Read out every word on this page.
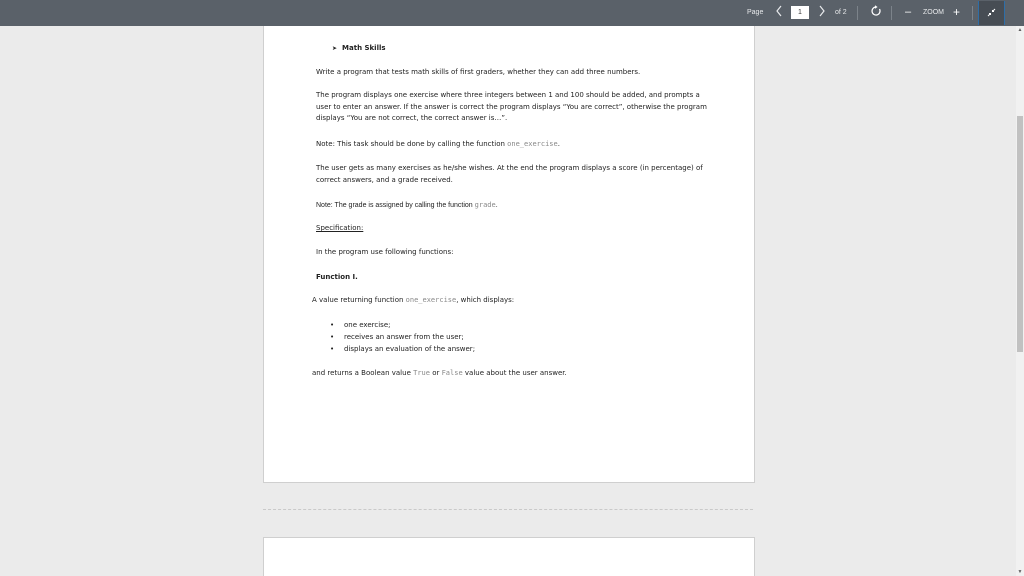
Page
1	of 2	– ZOOM +
➤ Math Skills

Write a program that tests math skills of first graders, whether they can add three numbers.

The program displays one exercise where three integers between 1 and 100 should be added, and prompts a user to enter an answer. If the answer is correct the program displays “You are correct”, otherwise the program displays “You are not correct, the correct answer is…”.

Note: This task should be done by calling the function one_exercise.

The user gets as many exercises as he/she wishes. At the end the program displays a score (in percentage) of correct answers, and a grade received.

Note: The grade is assigned by calling the function grade.

Specification:

In the program use following functions:

Function I.

A value returning function one_exercise, which displays:

• one exercise;
• receives an answer from the user;
• displays an evaluation of the answer;

and returns a Boolean value True or False value about the user answer.

▲
▼
